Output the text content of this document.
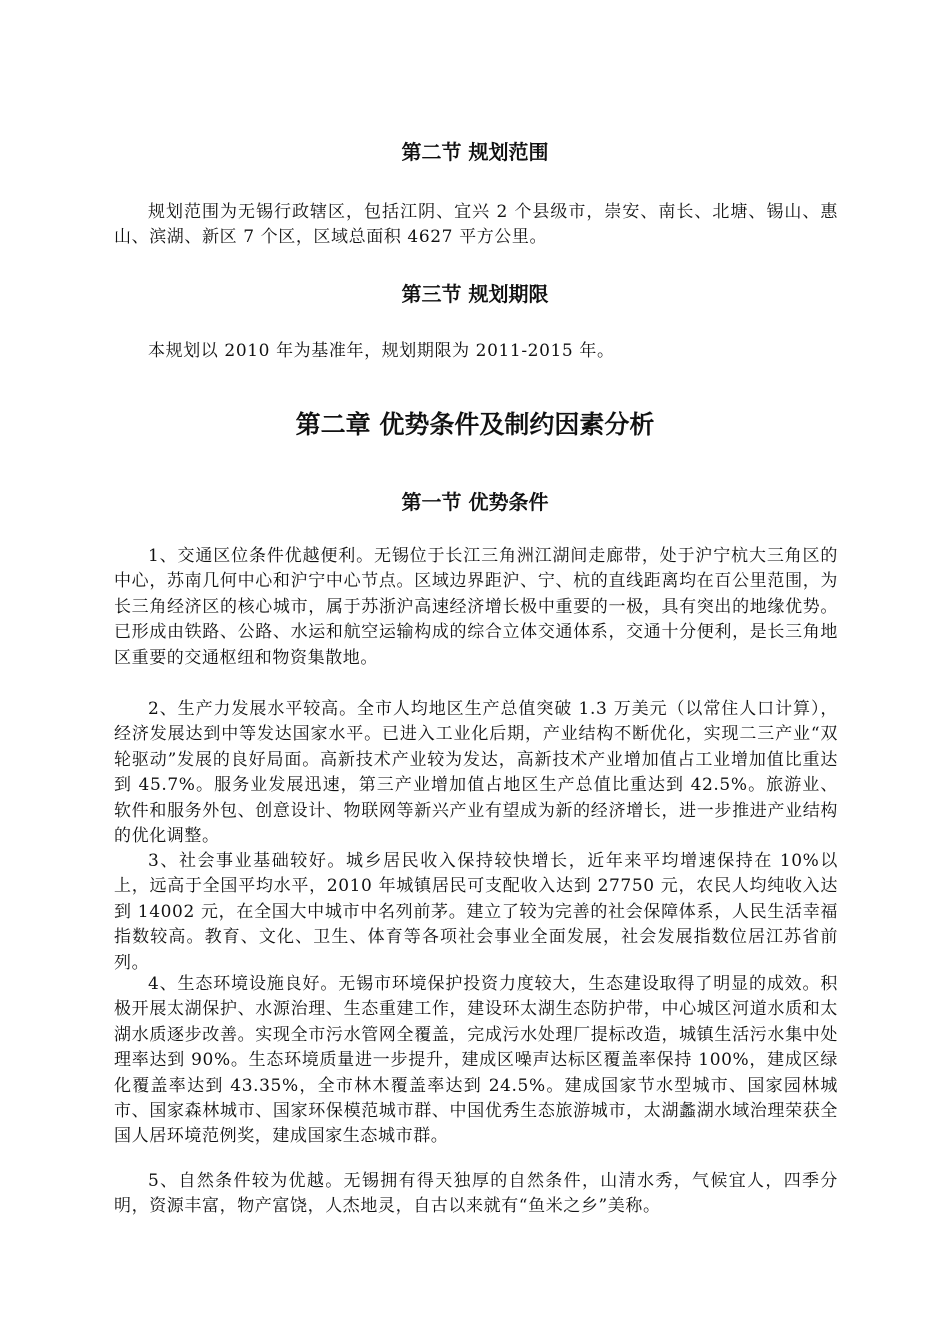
第二节 规划范围

规划范围为无锡行政辖区，包括江阴、宜兴 2 个县级市，崇安、南长、北塘、锡山、惠山、滨湖、新区 7 个区，区域总面积 4627 平方公里。

第三节 规划期限

本规划以 2010 年为基准年，规划期限为 2011-2015 年。

第二章 优势条件及制约因素分析
第一节 优势条件

1、交通区位条件优越便利。无锡位于长江三角洲江湖间走廊带，处于沪宁杭大三角区的中心，苏南几何中心和沪宁中心节点。区域边界距沪、宁、杭的直线距离均在百公里范围，为长三角经济区的核心城市，属于苏浙沪高速经济增长极中重要的一极，具有突出的地缘优势。已形成由铁路、公路、水运和航空运输构成的综合立体交通体系，交通十分便利，是长三角地区重要的交通枢纽和物资集散地。

2、生产力发展水平较高。全市人均地区生产总值突破 1.3 万美元（以常住人口计算），经济发展达到中等发达国家水平。已进入工业化后期，产业结构不断优化，实现二三产业“双轮驱动”发展的良好局面。高新技术产业较为发达，高新技术产业增加值占工业增加值比重达到 45.7%。服务业发展迅速，第三产业增加值占地区生产总值比重达到 42.5%。旅游业、软件和服务外包、创意设计、物联网等新兴产业有望成为新的经济增长，进一步推进产业结构的优化调整。

3、社会事业基础较好。城乡居民收入保持较快增长，近年来平均增速保持在 10%以上，远高于全国平均水平，2010 年城镇居民可支配收入达到 27750 元，农民人均纯收入达到 14002 元，在全国大中城市中名列前茅。建立了较为完善的社会保障体系，人民生活幸福指数较高。教育、文化、卫生、体育等各项社会事业全面发展，社会发展指数位居江苏省前列。

4、生态环境设施良好。无锡市环境保护投资力度较大，生态建设取得了明显的成效。积极开展太湖保护、水源治理、生态重建工作，建设环太湖生态防护带，中心城区河道水质和太湖水质逐步改善。实现全市污水管网全覆盖，完成污水处理厂提标改造，城镇生活污水集中处理率达到 90%。生态环境质量进一步提升，建成区噪声达标区覆盖率保持 100%，建成区绿化覆盖率达到 43.35%，全市林木覆盖率达到 24.5%。建成国家节水型城市、国家园林城市、国家森林城市、国家环保模范城市群、中国优秀生态旅游城市，太湖蠡湖水域治理荣获全国人居环境范例奖，建成国家生态城市群。

5、自然条件较为优越。无锡拥有得天独厚的自然条件，山清水秀，气候宜人，四季分明，资源丰富，物产富饶，人杰地灵，自古以来就有“鱼米之乡”美称。
